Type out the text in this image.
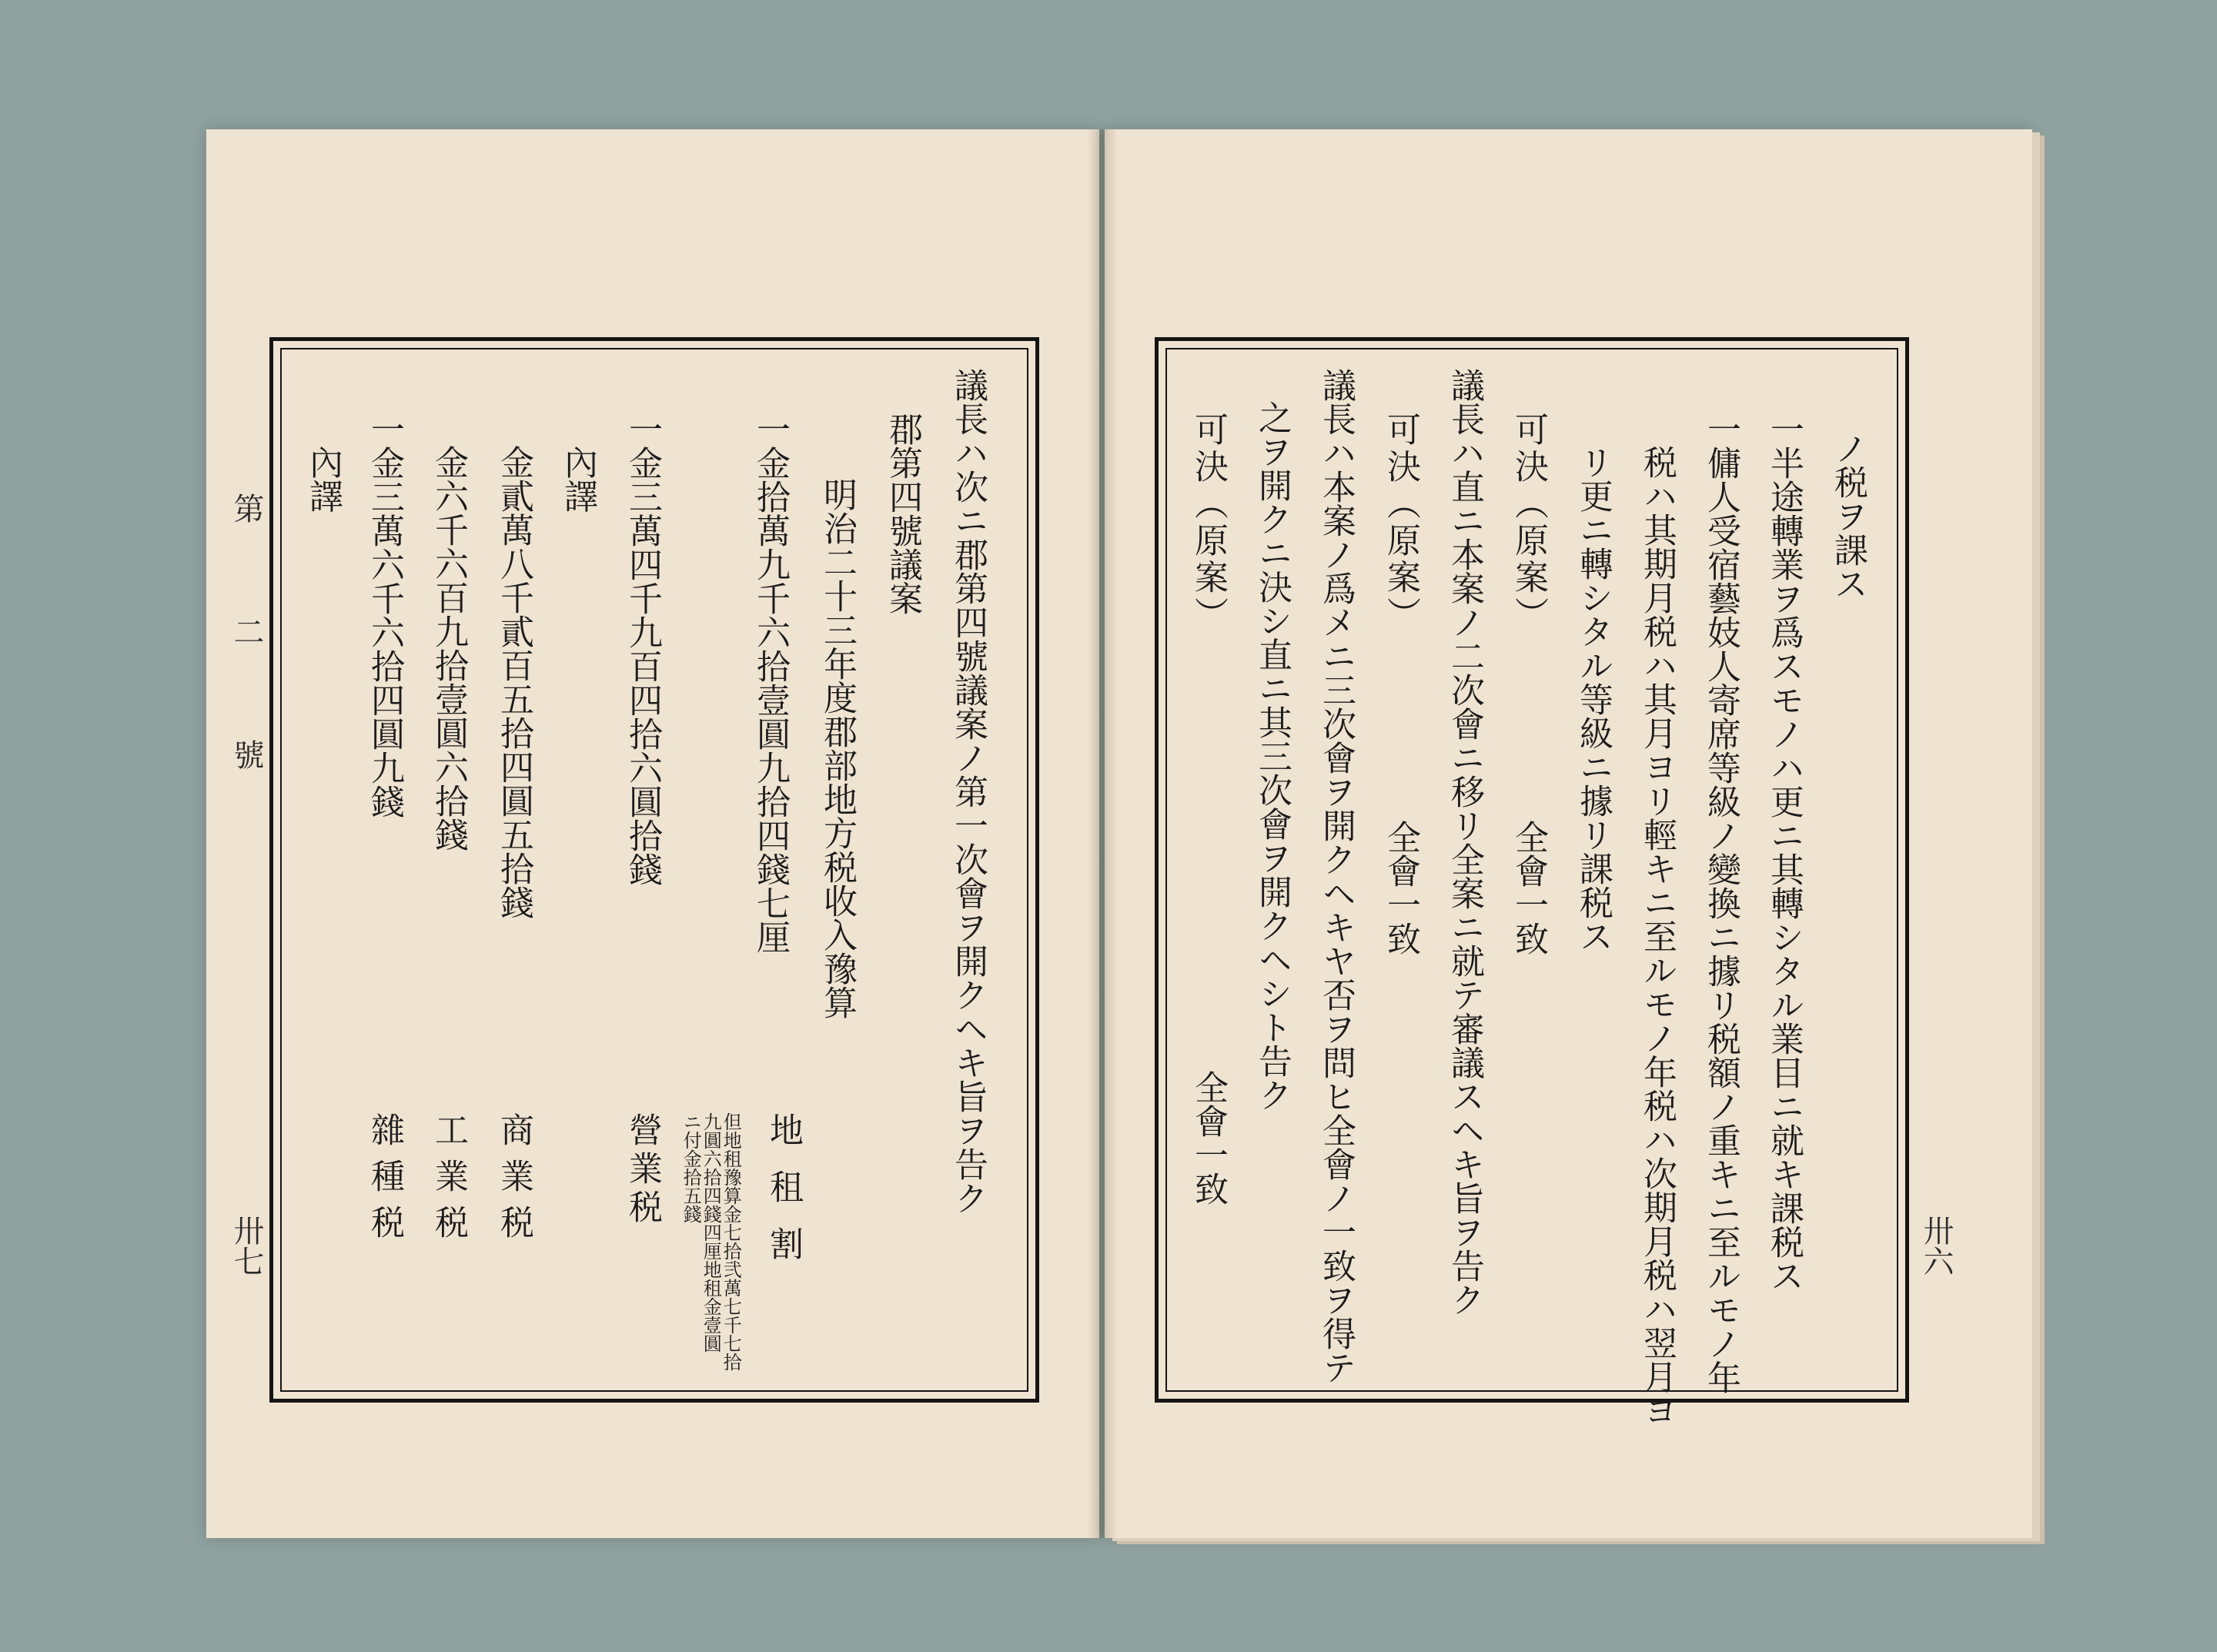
第　二　號
卅七
議長ハ次ニ郡第四號議案ノ第一次會ヲ開クヘキ旨ヲ告ク
郡第四號議案
明治二十三年度郡部地方税收入豫算
一金拾萬九千六拾壹圓九拾四錢七厘
一金三萬四千九百四拾六圓拾錢
內譯
金貳萬八千貳百五拾四圓五拾錢
金六千六百九拾壹圓六拾錢
一金三萬六千六拾四圓九錢
內譯
地租割
營業税
商業税
工業税
雜種税	但地租豫算金七拾弐萬七千七拾
九圓六拾四錢四厘地租金壹圓
ニ付金拾五錢
卅六
ノ税ヲ課ス
一半途轉業ヲ爲スモノハ更ニ其轉シタル業目ニ就キ課税ス
一傭人受宿藝妓人寄席等級ノ變換ニ據リ税額ノ重キニ至ルモノ年
税ハ其期月税ハ其月ヨリ輕キニ至ルモノ年税ハ次期月税ハ翌月ヨ
リ更ニ轉シタル等級ニ據リ課税ス
可決（原案）
議長ハ直ニ本案ノ二次會ニ移リ全案ニ就テ審議スヘキ旨ヲ告ク
可決（原案）
議長ハ本案ノ爲メニ三次會ヲ開クヘキヤ否ヲ問ヒ全會ノ一致ヲ得テ
之ヲ開クニ決シ直ニ其三次會ヲ開クヘシト告ク
可決（原案）
全會一致
全會一致
全會一致
